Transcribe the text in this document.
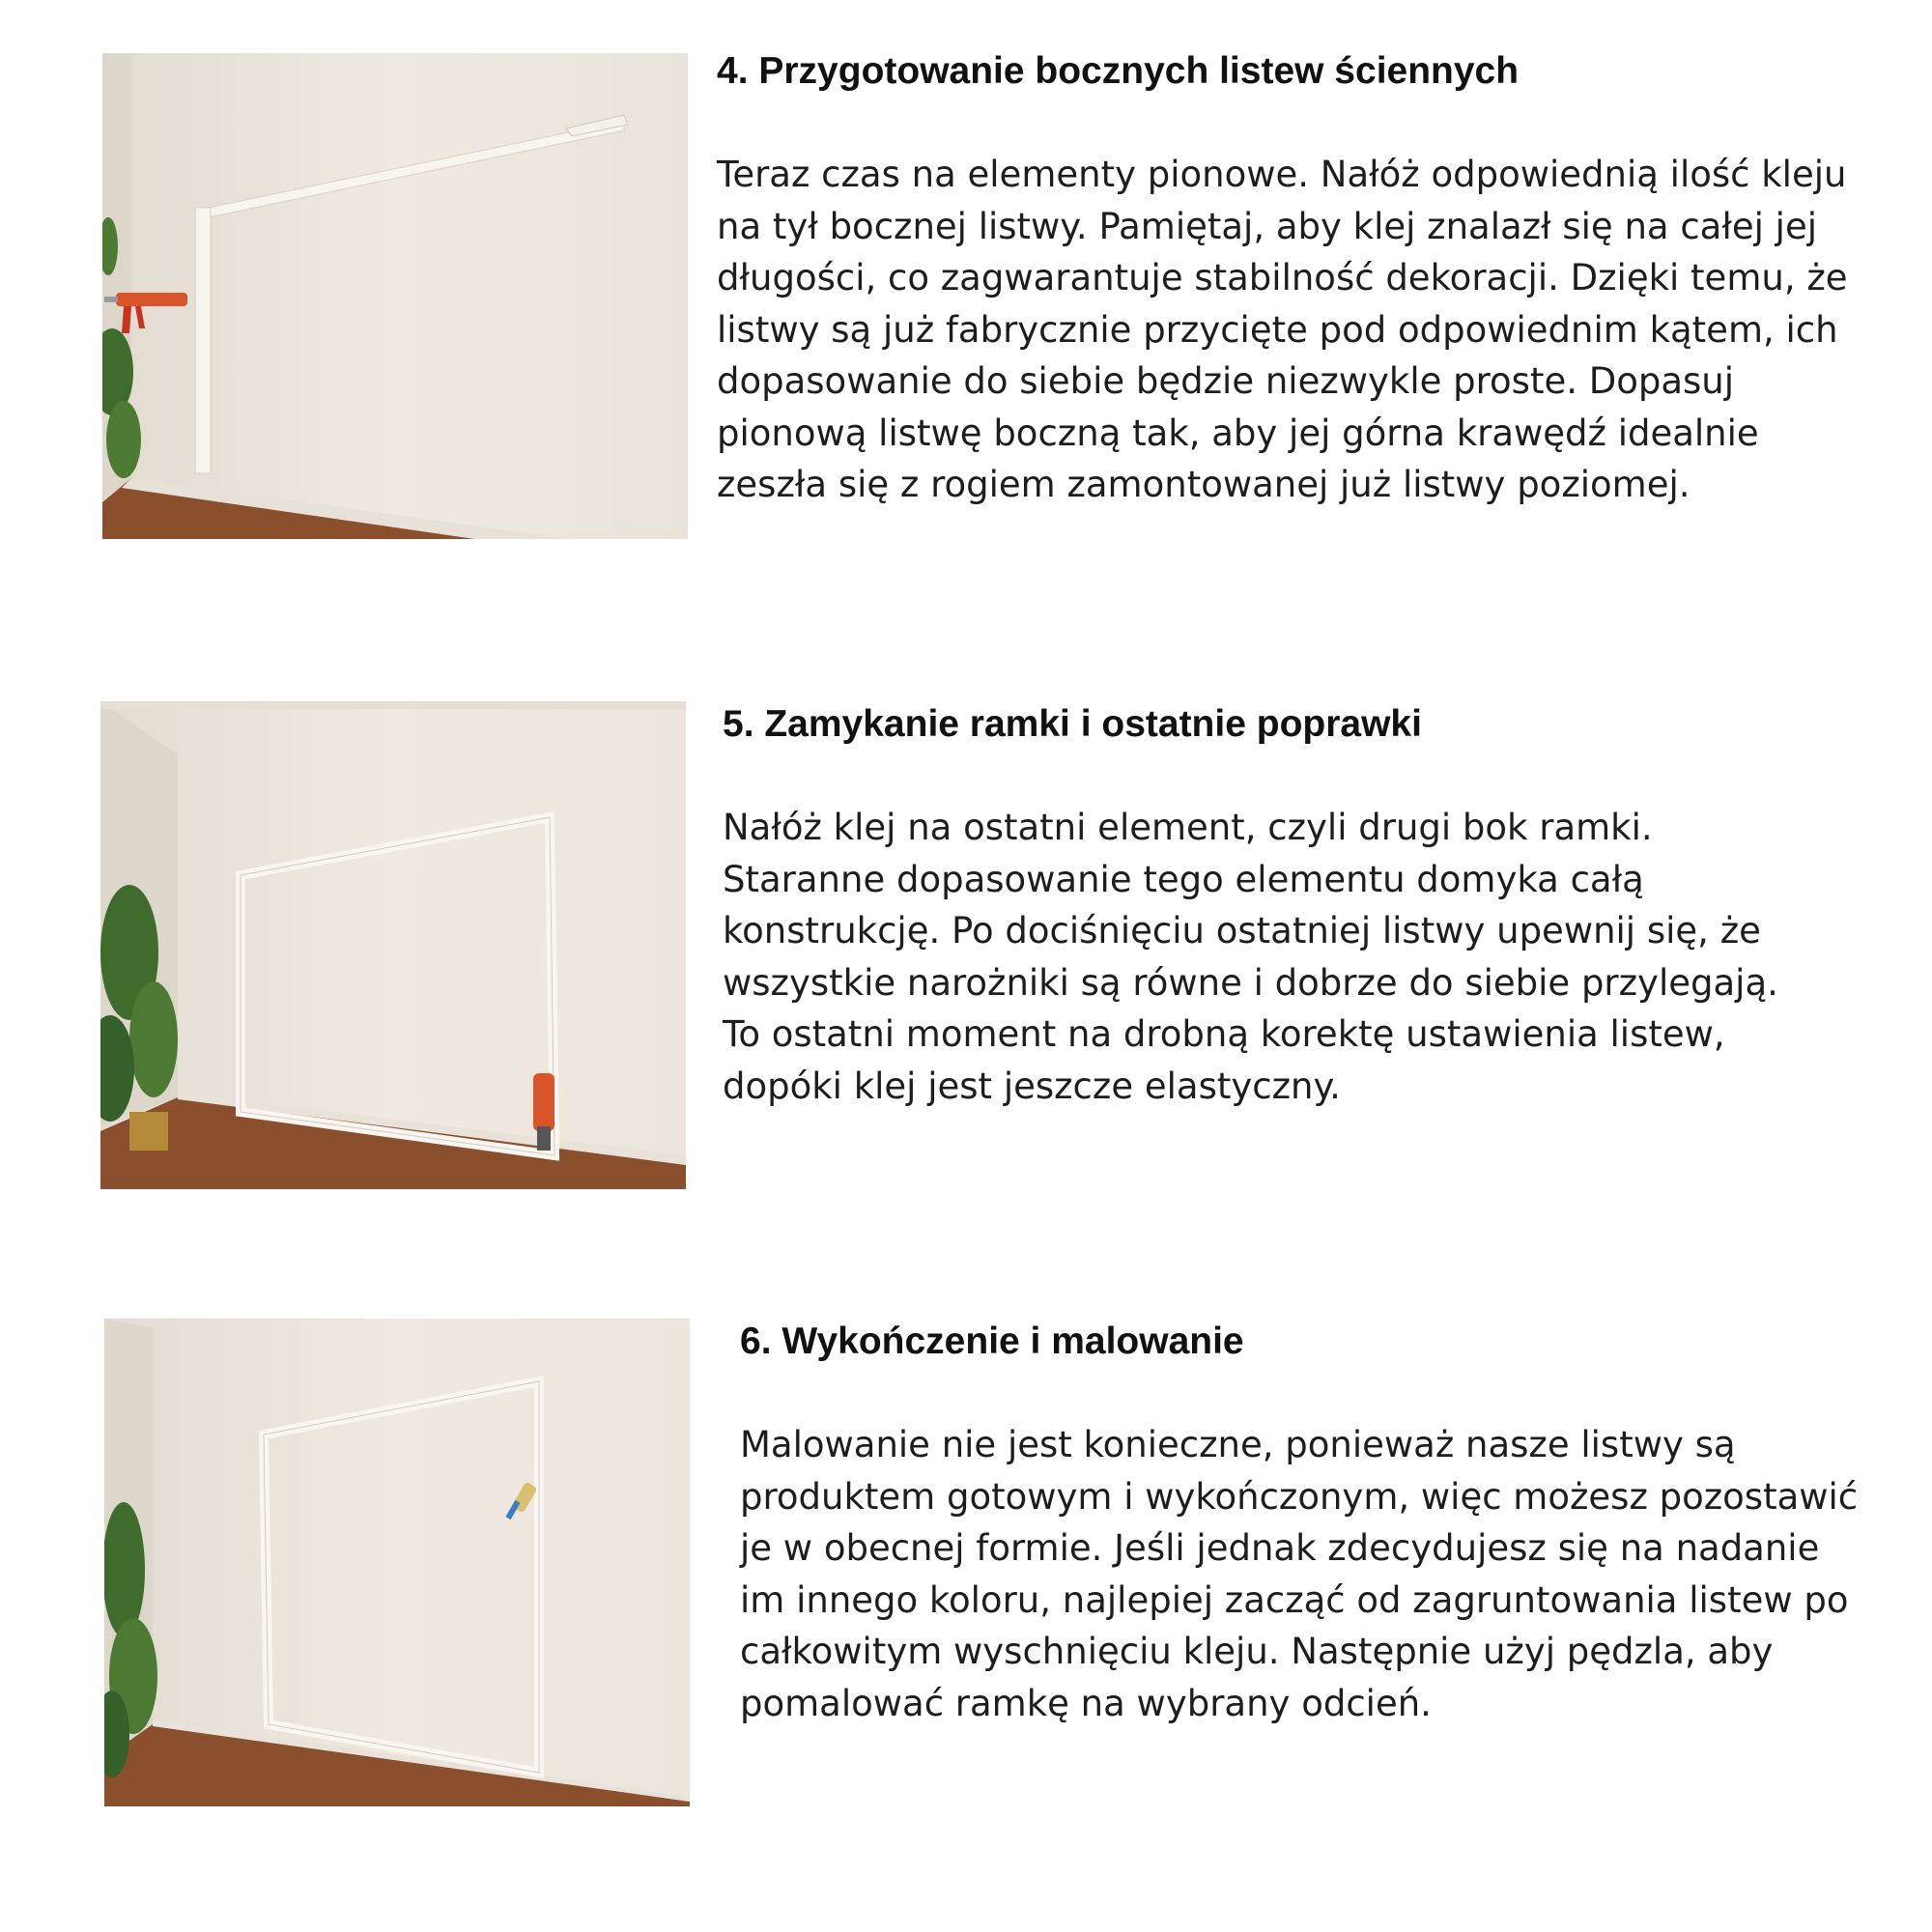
4. Przygotowanie bocznych listew ściennych

Teraz czas na elementy pionowe. Nałóż odpowiednią ilość kleju na tył bocznej listwy. Pamiętaj, aby klej znalazł się na całej jej długości, co zagwarantuje stabilność dekoracji. Dzięki temu, że listwy są już fabrycznie przycięte pod odpowiednim kątem, ich dopasowanie do siebie będzie niezwykle proste. Dopasuj pionową listwę boczną tak, aby jej górna krawędź idealnie zeszła się z rogiem zamontowanej już listwy poziomej.

5. Zamykanie ramki i ostatnie poprawki

Nałóż klej na ostatni element, czyli drugi bok ramki. Staranne dopasowanie tego elementu domyka całą konstrukcję. Po dociśnięciu ostatniej listwy upewnij się, że wszystkie narożniki są równe i dobrze do siebie przylegają. To ostatni moment na drobną korektę ustawienia listew, dopóki klej jest jeszcze elastyczny.

6. Wykończenie i malowanie

Malowanie nie jest konieczne, ponieważ nasze listwy są produktem gotowym i wykończonym, więc możesz pozostawić je w obecnej formie. Jeśli jednak zdecydujesz się na nadanie im innego koloru, najlepiej zacząć od zagruntowania listew po całkowitym wyschnięciu kleju. Następnie użyj pędzla, aby pomalować ramkę na wybrany odcień.
